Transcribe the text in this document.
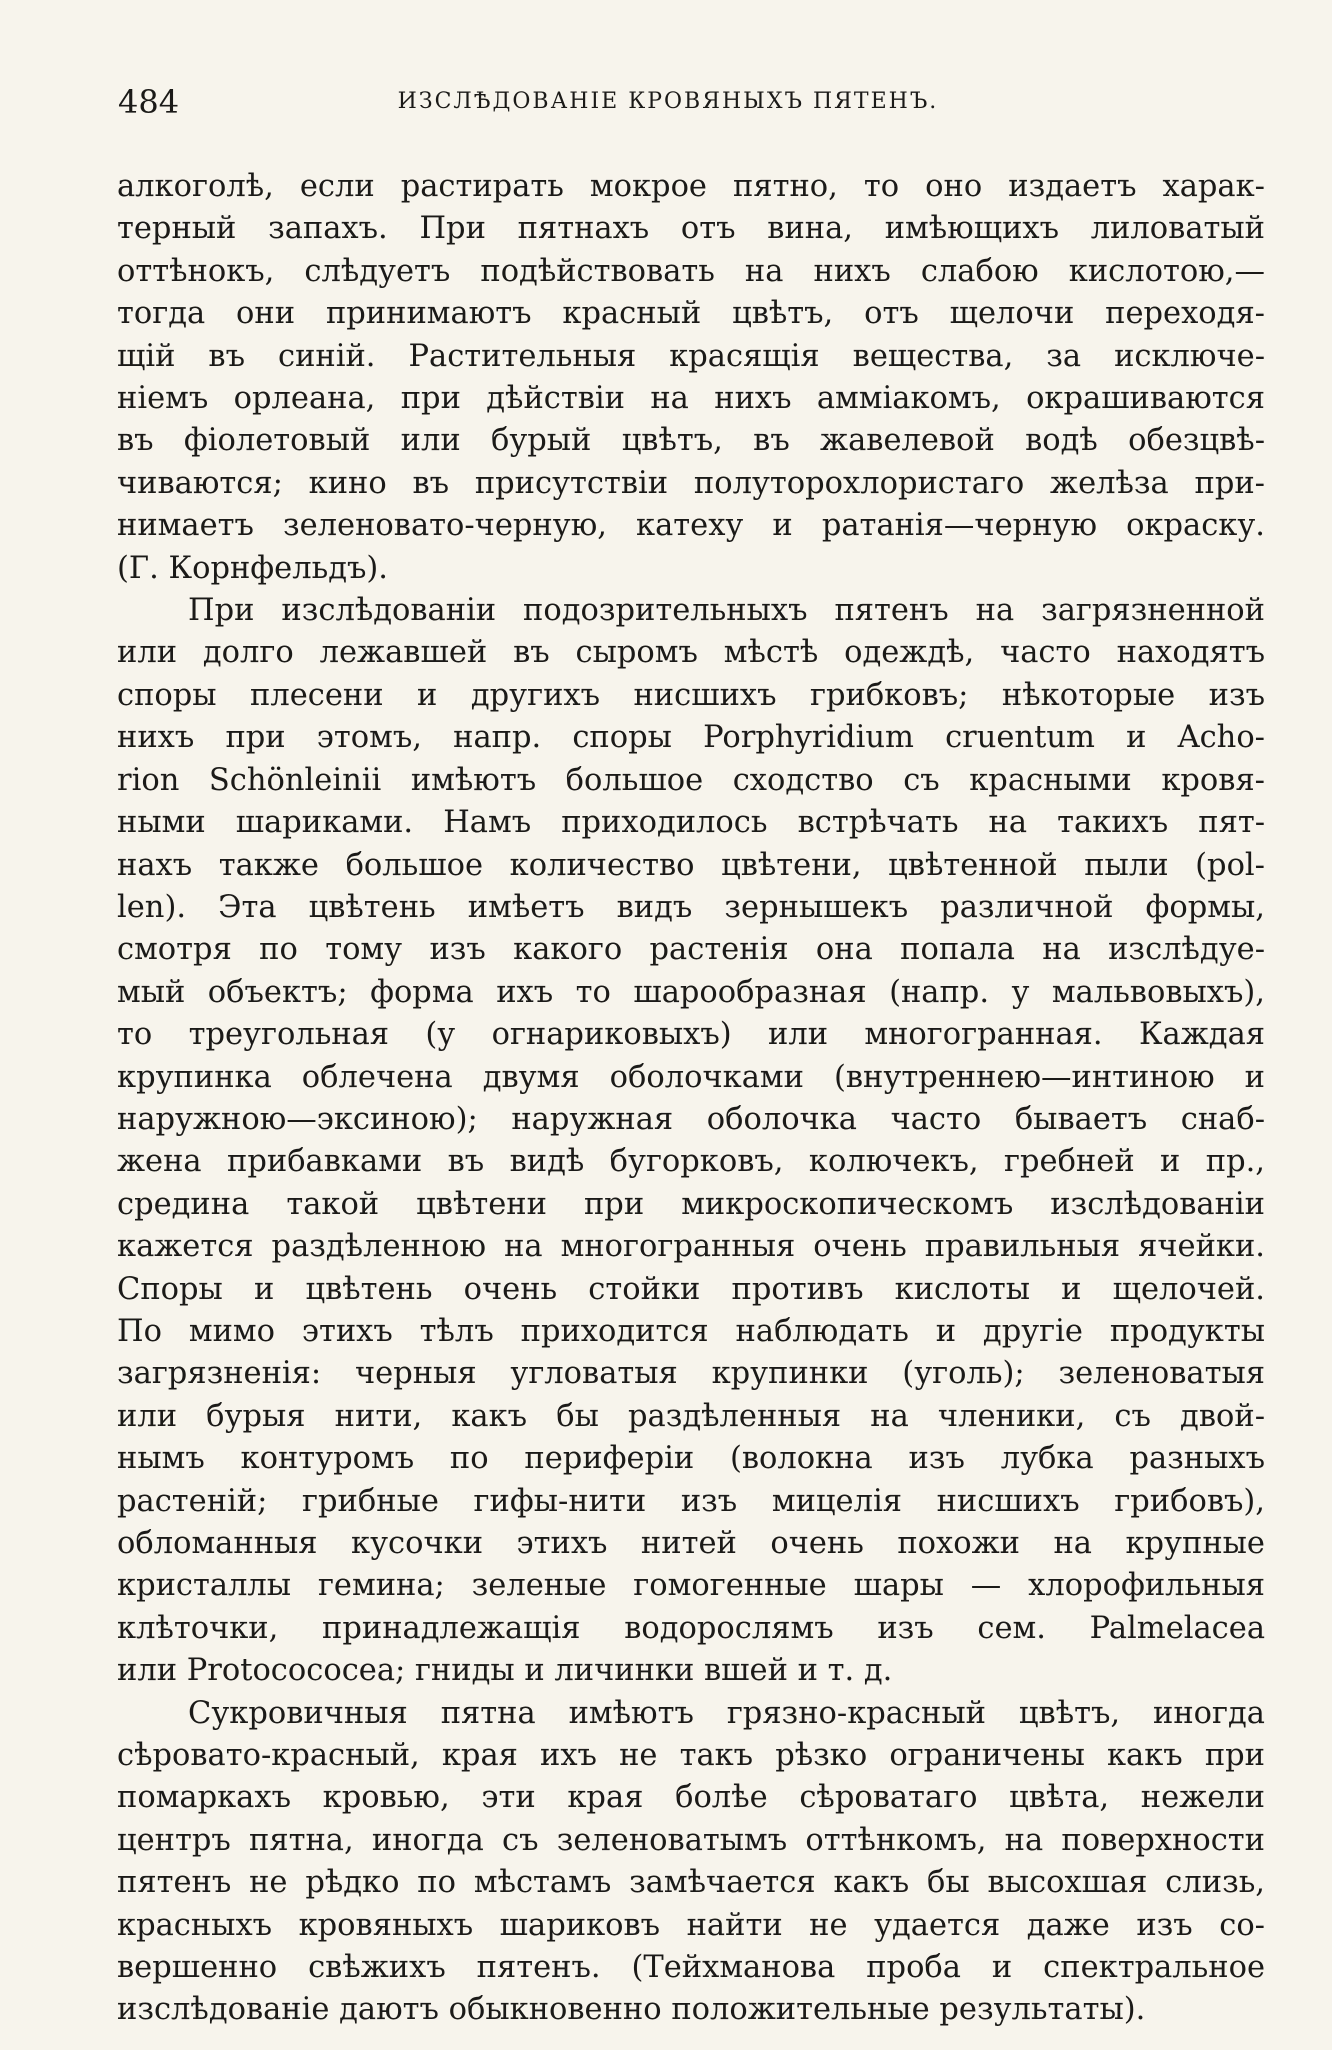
484	ИЗСЛѢДОВАНІЕ КРОВЯНЫХЪ ПЯТЕНЪ.
алкоголѣ, если растирать мокрое пятно, то оно издаетъ харак-
терный запахъ. При пятнахъ отъ вина, имѣющихъ лиловатый
оттѣнокъ, слѣдуетъ подѣйствовать на нихъ слабою кислотою,—
тогда они принимаютъ красный цвѣтъ, отъ щелочи переходя-
щій въ синій. Растительныя красящія вещества, за исключе-
ніемъ орлеана, при дѣйствіи на нихъ амміакомъ, окрашиваются
въ фіолетовый или бурый цвѣтъ, въ жавелевой водѣ обезцвѣ-
чиваются; кино въ присутствіи полуторохлористаго желѣза при-
нимаетъ зеленовато-черную, катеху и ратанія—черную окраску.
(Г. Корнфельдъ).
При изслѣдованіи подозрительныхъ пятенъ на загрязненной
или долго лежавшей въ сыромъ мѣстѣ одеждѣ, часто находятъ
споры плесени и другихъ нисшихъ грибковъ; нѣкоторые изъ
нихъ при этомъ, напр. споры Porphyridium cruentum и Acho-
rion Schönleinii имѣютъ большое сходство съ красными кровя-
ными шариками. Намъ приходилось встрѣчать на такихъ пят-
нахъ также большое количество цвѣтени, цвѣтенной пыли (pol-
len). Эта цвѣтень имѣетъ видъ зернышекъ различной формы,
смотря по тому изъ какого растенія она попала на изслѣдуе-
мый объектъ; форма ихъ то шарообразная (напр. у мальвовыхъ),
то треугольная (у огнариковыхъ) или многогранная. Каждая
крупинка облечена двумя оболочками (внутреннею—интиною и
наружною—эксиною); наружная оболочка часто бываетъ снаб-
жена прибавками въ видѣ бугорковъ, колючекъ, гребней и пр.,
средина такой цвѣтени при микроскопическомъ изслѣдованіи
кажется раздѣленною на многогранныя очень правильныя ячейки.
Споры и цвѣтень очень стойки противъ кислоты и щелочей.
По мимо этихъ тѣлъ приходится наблюдать и другіе продукты
загрязненія: черныя угловатыя крупинки (уголь); зеленоватыя
или бурыя нити, какъ бы раздѣленныя на членики, съ двой-
нымъ контуромъ по периферіи (волокна изъ лубка разныхъ
растеній; грибные гифы-нити изъ мицелія нисшихъ грибовъ),
обломанныя кусочки этихъ нитей очень похожи на крупные
кристаллы гемина; зеленые гомогенные шары — хлорофильныя
клѣточки, принадлежащія водорослямъ изъ сем. Palmelacea
или Protocococea; гниды и личинки вшей и т. д.
Сукровичныя пятна имѣютъ грязно-красный цвѣтъ, иногда
сѣровато-красный, края ихъ не такъ рѣзко ограничены какъ при
помаркахъ кровью, эти края болѣе сѣроватаго цвѣта, нежели
центръ пятна, иногда съ зеленоватымъ оттѣнкомъ, на поверхности
пятенъ не рѣдко по мѣстамъ замѣчается какъ бы высохшая слизь,
красныхъ кровяныхъ шариковъ найти не удается даже изъ со-
вершенно свѣжихъ пятенъ. (Тейхманова проба и спектральное
изслѣдованіе даютъ обыкновенно положительные результаты).
